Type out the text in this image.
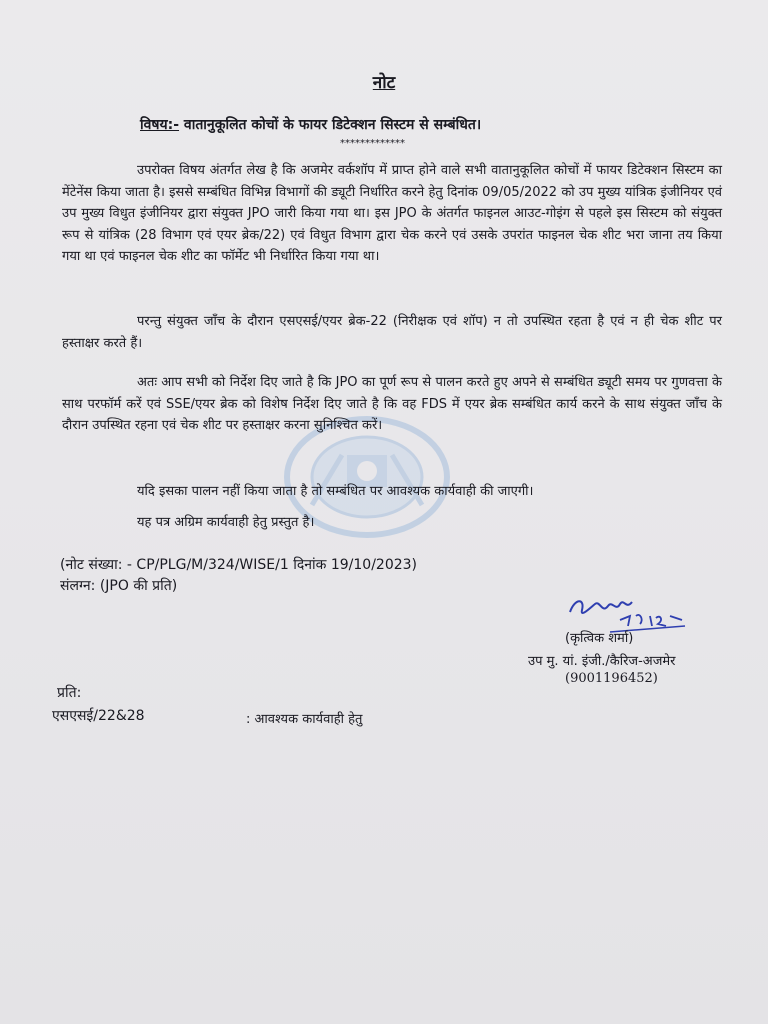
नोट
विषय:- वातानुकूलित कोचों के फायर डिटेक्शन सिस्टम से सम्बंधित।
*************
उपरोक्त विषय अंतर्गत लेख है कि अजमेर वर्कशॉप में प्राप्त होने वाले सभी वातानुकूलित कोचों में फायर डिटेक्शन सिस्टम का मेंटेनेंस किया जाता है। इससे सम्बंधित विभिन्न विभागों की ड्यूटी निर्धारित करने हेतु दिनांक 09/05/2022 को उप मुख्य यांत्रिक इंजीनियर एवं उप मुख्य विधुत इंजीनियर द्वारा संयुक्त JPO जारी किया गया था। इस JPO के अंतर्गत फाइनल आउट-गोइंग से पहले इस सिस्टम को संयुक्त रूप से यांत्रिक (28 विभाग एवं एयर ब्रेक/22) एवं विधुत विभाग द्वारा चेक करने एवं उसके उपरांत फाइनल चेक शीट भरा जाना तय किया गया था एवं फाइनल चेक शीट का फॉर्मेट भी निर्धारित किया गया था।
परन्तु संयुक्त जाँच के दौरान एसएसई/एयर ब्रेक-22 (निरीक्षक एवं शॉप) न तो उपस्थित रहता है एवं न ही चेक शीट पर हस्ताक्षर करते हैं।
अतः आप सभी को निर्देश दिए जाते है कि JPO का पूर्ण रूप से पालन करते हुए अपने से सम्बंधित ड्यूटी समय पर गुणवत्ता के साथ परफॉर्म करें एवं SSE/एयर ब्रेक को विशेष निर्देश दिए जाते है कि वह FDS में एयर ब्रेक सम्बंधित कार्य करने के साथ संयुक्त जाँच के दौरान उपस्थित रहना एवं चेक शीट पर हस्ताक्षर करना सुनिश्चित करें।
यदि इसका पालन नहीं किया जाता है तो सम्बंधित पर आवश्यक कार्यवाही की जाएगी।
यह पत्र अग्रिम कार्यवाही हेतु प्रस्तुत है।
(नोट संख्या: - CP/PLG/M/324/WISE/1 दिनांक 19/10/2023)
संलग्न: (JPO की प्रति)
(कृत्विक शर्मा)
उप मु. यां. इंजी./कैरिज-अजमेर
(9001196452)
प्रति:
एसएसई/22&28	: आवश्यक कार्यवाही हेतु
